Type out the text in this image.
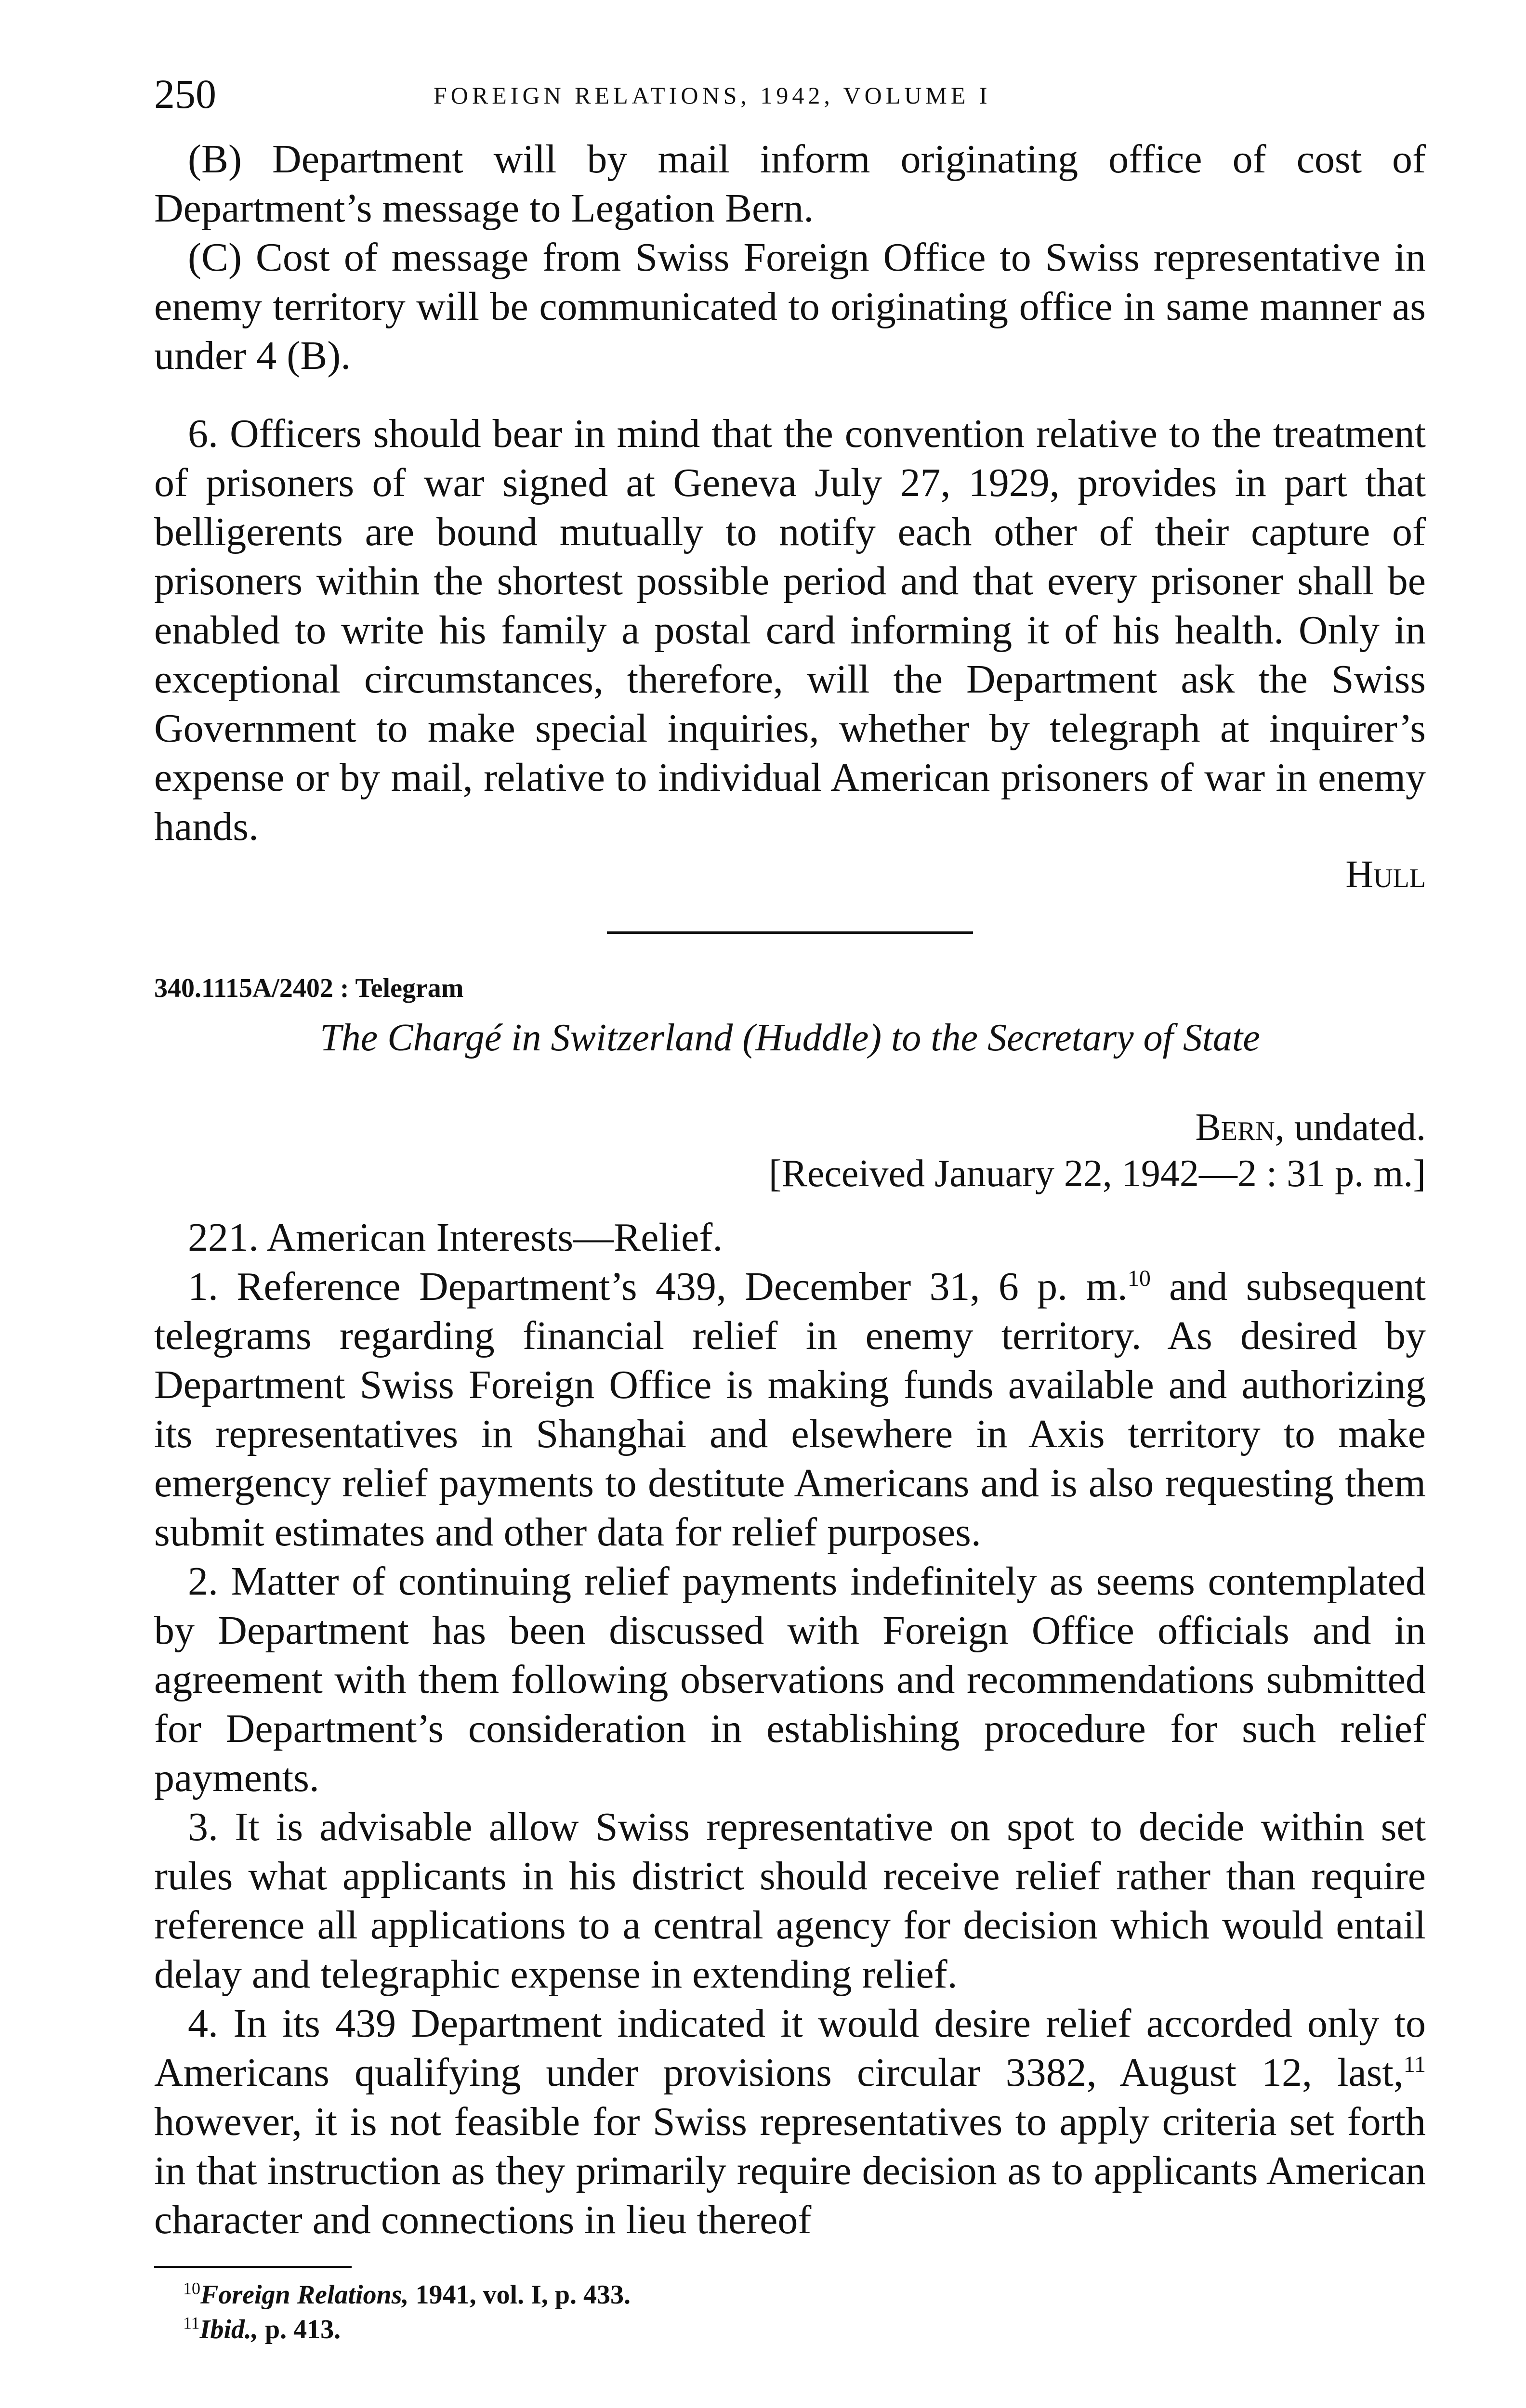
250	FOREIGN RELATIONS, 1942, VOLUME I

(B) Department will by mail inform originating office of cost of Department’s message to Legation Bern.

(C) Cost of message from Swiss Foreign Office to Swiss representative in enemy territory will be communicated to originating office in same manner as under 4 (B).

6. Officers should bear in mind that the convention relative to the treatment of prisoners of war signed at Geneva July 27, 1929, provides in part that belligerents are bound mutually to notify each other of their capture of prisoners within the shortest possible period and that every prisoner shall be enabled to write his family a postal card informing it of his health. Only in exceptional circumstances, therefore, will the Department ask the Swiss Government to make special inquiries, whether by telegraph at inquirer’s expense or by mail, relative to individual American prisoners of war in enemy hands.

Hull

340.1115A/2402 : Telegram

The Chargé in Switzerland (Huddle) to the Secretary of State

Bern, undated.

[Received January 22, 1942—2 : 31 p. m.]

221. American Interests—Relief.

1. Reference Department’s 439, December 31, 6 p. m.$^{10}$ and subsequent telegrams regarding financial relief in enemy territory. As desired by Department Swiss Foreign Office is making funds available and authorizing its representatives in Shanghai and elsewhere in Axis territory to make emergency relief payments to destitute Americans and is also requesting them submit estimates and other data for relief purposes.

2. Matter of continuing relief payments indefinitely as seems contemplated by Department has been discussed with Foreign Office officials and in agreement with them following observations and recommendations submitted for Department’s consideration in establishing procedure for such relief payments.

3. It is advisable allow Swiss representative on spot to decide within set rules what applicants in his district should receive relief rather than require reference all applications to a central agency for decision which would entail delay and telegraphic expense in extending relief.

4. In its 439 Department indicated it would desire relief accorded only to Americans qualifying under provisions circular 3382, August 12, last,$^{11}$ however, it is not feasible for Swiss representatives to apply criteria set forth in that instruction as they primarily require decision as to applicants American character and connections in lieu thereof

$^{10}$Foreign Relations, 1941, vol. I, p. 433.
$^{11}$Ibid., p. 413.
